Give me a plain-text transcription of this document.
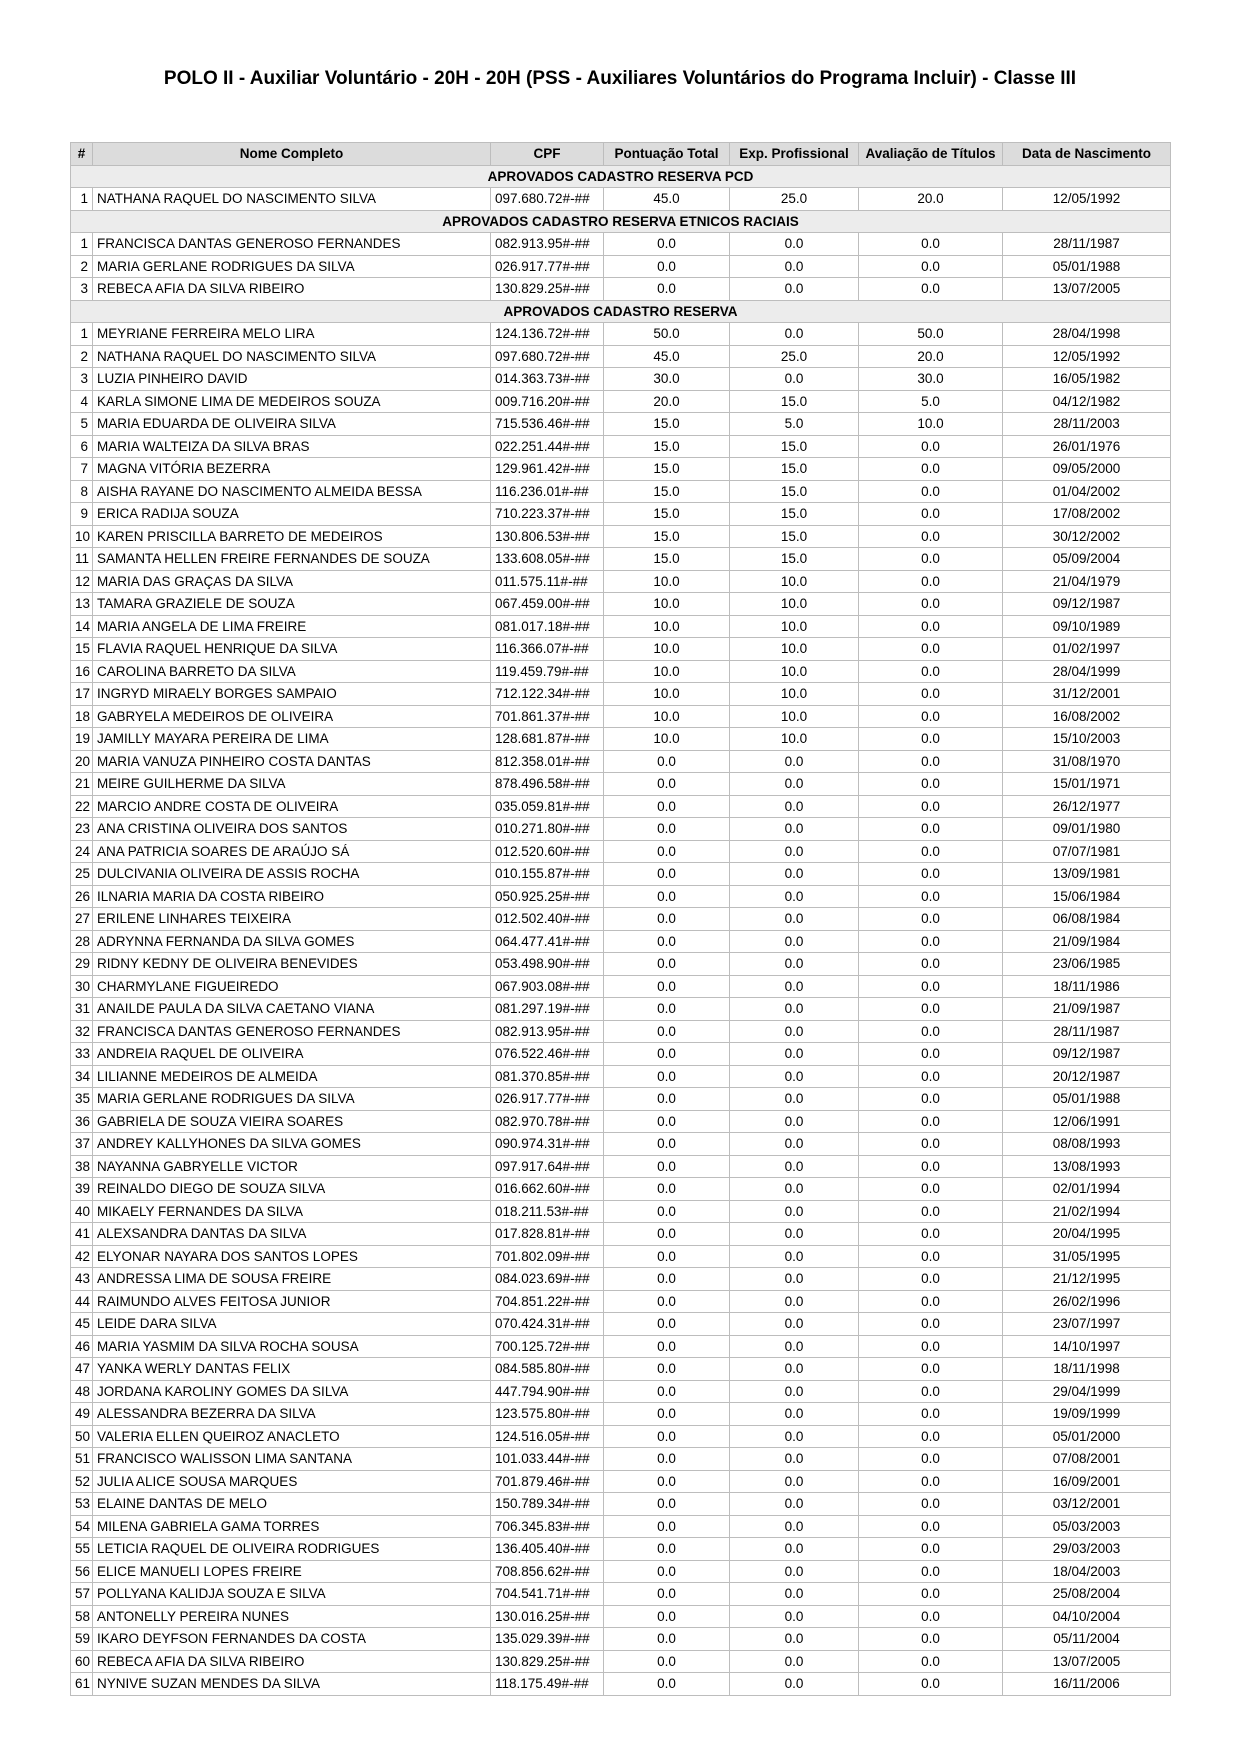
POLO II - Auxiliar Voluntário - 20H - 20H (PSS - Auxiliares Voluntários do Programa Incluir) - Classe III
#	Nome Completo	CPF	Pontuação Total	Exp. Profissional	Avaliação de Títulos	Data de Nascimento
APROVADOS CADASTRO RESERVA PCD						
1	NATHANA RAQUEL DO NASCIMENTO SILVA	097.680.72#-##	45.0	25.0	20.0	12/05/1992
APROVADOS CADASTRO RESERVA ETNICOS RACIAIS						
1	FRANCISCA DANTAS GENEROSO FERNANDES	082.913.95#-##	0.0	0.0	0.0	28/11/1987
2	MARIA GERLANE RODRIGUES DA SILVA	026.917.77#-##	0.0	0.0	0.0	05/01/1988
3	REBECA AFIA DA SILVA RIBEIRO	130.829.25#-##	0.0	0.0	0.0	13/07/2005
APROVADOS CADASTRO RESERVA						
1	MEYRIANE FERREIRA MELO LIRA	124.136.72#-##	50.0	0.0	50.0	28/04/1998
2	NATHANA RAQUEL DO NASCIMENTO SILVA	097.680.72#-##	45.0	25.0	20.0	12/05/1992
3	LUZIA PINHEIRO DAVID	014.363.73#-##	30.0	0.0	30.0	16/05/1982
4	KARLA SIMONE LIMA DE MEDEIROS SOUZA	009.716.20#-##	20.0	15.0	5.0	04/12/1982
5	MARIA EDUARDA DE OLIVEIRA SILVA	715.536.46#-##	15.0	5.0	10.0	28/11/2003
6	MARIA WALTEIZA DA SILVA BRAS	022.251.44#-##	15.0	15.0	0.0	26/01/1976
7	MAGNA VITÓRIA BEZERRA	129.961.42#-##	15.0	15.0	0.0	09/05/2000
8	AISHA RAYANE DO NASCIMENTO ALMEIDA BESSA	116.236.01#-##	15.0	15.0	0.0	01/04/2002
9	ERICA RADIJA SOUZA	710.223.37#-##	15.0	15.0	0.0	17/08/2002
10	KAREN PRISCILLA BARRETO DE MEDEIROS	130.806.53#-##	15.0	15.0	0.0	30/12/2002
11	SAMANTA HELLEN FREIRE FERNANDES DE SOUZA	133.608.05#-##	15.0	15.0	0.0	05/09/2004
12	MARIA DAS GRAÇAS DA SILVA	011.575.11#-##	10.0	10.0	0.0	21/04/1979
13	TAMARA GRAZIELE DE SOUZA	067.459.00#-##	10.0	10.0	0.0	09/12/1987
14	MARIA ANGELA DE LIMA FREIRE	081.017.18#-##	10.0	10.0	0.0	09/10/1989
15	FLAVIA RAQUEL HENRIQUE DA SILVA	116.366.07#-##	10.0	10.0	0.0	01/02/1997
16	CAROLINA BARRETO DA SILVA	119.459.79#-##	10.0	10.0	0.0	28/04/1999
17	INGRYD MIRAELY BORGES SAMPAIO	712.122.34#-##	10.0	10.0	0.0	31/12/2001
18	GABRYELA MEDEIROS DE OLIVEIRA	701.861.37#-##	10.0	10.0	0.0	16/08/2002
19	JAMILLY MAYARA PEREIRA DE LIMA	128.681.87#-##	10.0	10.0	0.0	15/10/2003
20	MARIA VANUZA PINHEIRO COSTA DANTAS	812.358.01#-##	0.0	0.0	0.0	31/08/1970
21	MEIRE GUILHERME DA SILVA	878.496.58#-##	0.0	0.0	0.0	15/01/1971
22	MARCIO ANDRE COSTA DE OLIVEIRA	035.059.81#-##	0.0	0.0	0.0	26/12/1977
23	ANA CRISTINA OLIVEIRA DOS SANTOS	010.271.80#-##	0.0	0.0	0.0	09/01/1980
24	ANA PATRICIA SOARES DE ARAÚJO SÁ	012.520.60#-##	0.0	0.0	0.0	07/07/1981
25	DULCIVANIA OLIVEIRA DE ASSIS ROCHA	010.155.87#-##	0.0	0.0	0.0	13/09/1981
26	ILNARIA MARIA DA COSTA RIBEIRO	050.925.25#-##	0.0	0.0	0.0	15/06/1984
27	ERILENE LINHARES TEIXEIRA	012.502.40#-##	0.0	0.0	0.0	06/08/1984
28	ADRYNNA FERNANDA DA SILVA GOMES	064.477.41#-##	0.0	0.0	0.0	21/09/1984
29	RIDNY KEDNY DE OLIVEIRA BENEVIDES	053.498.90#-##	0.0	0.0	0.0	23/06/1985
30	CHARMYLANE FIGUEIREDO	067.903.08#-##	0.0	0.0	0.0	18/11/1986
31	ANAILDE PAULA DA SILVA CAETANO VIANA	081.297.19#-##	0.0	0.0	0.0	21/09/1987
32	FRANCISCA DANTAS GENEROSO FERNANDES	082.913.95#-##	0.0	0.0	0.0	28/11/1987
33	ANDREIA RAQUEL DE OLIVEIRA	076.522.46#-##	0.0	0.0	0.0	09/12/1987
34	LILIANNE MEDEIROS DE ALMEIDA	081.370.85#-##	0.0	0.0	0.0	20/12/1987
35	MARIA GERLANE RODRIGUES DA SILVA	026.917.77#-##	0.0	0.0	0.0	05/01/1988
36	GABRIELA DE SOUZA VIEIRA SOARES	082.970.78#-##	0.0	0.0	0.0	12/06/1991
37	ANDREY KALLYHONES DA SILVA GOMES	090.974.31#-##	0.0	0.0	0.0	08/08/1993
38	NAYANNA GABRYELLE VICTOR	097.917.64#-##	0.0	0.0	0.0	13/08/1993
39	REINALDO DIEGO DE SOUZA SILVA	016.662.60#-##	0.0	0.0	0.0	02/01/1994
40	MIKAELY FERNANDES DA SILVA	018.211.53#-##	0.0	0.0	0.0	21/02/1994
41	ALEXSANDRA DANTAS DA SILVA	017.828.81#-##	0.0	0.0	0.0	20/04/1995
42	ELYONAR NAYARA DOS SANTOS LOPES	701.802.09#-##	0.0	0.0	0.0	31/05/1995
43	ANDRESSA LIMA DE SOUSA FREIRE	084.023.69#-##	0.0	0.0	0.0	21/12/1995
44	RAIMUNDO ALVES FEITOSA JUNIOR	704.851.22#-##	0.0	0.0	0.0	26/02/1996
45	LEIDE DARA SILVA	070.424.31#-##	0.0	0.0	0.0	23/07/1997
46	MARIA YASMIM DA SILVA ROCHA SOUSA	700.125.72#-##	0.0	0.0	0.0	14/10/1997
47	YANKA WERLY DANTAS FELIX	084.585.80#-##	0.0	0.0	0.0	18/11/1998
48	JORDANA KAROLINY GOMES DA SILVA	447.794.90#-##	0.0	0.0	0.0	29/04/1999
49	ALESSANDRA BEZERRA DA SILVA	123.575.80#-##	0.0	0.0	0.0	19/09/1999
50	VALERIA ELLEN QUEIROZ ANACLETO	124.516.05#-##	0.0	0.0	0.0	05/01/2000
51	FRANCISCO WALISSON LIMA SANTANA	101.033.44#-##	0.0	0.0	0.0	07/08/2001
52	JULIA ALICE SOUSA MARQUES	701.879.46#-##	0.0	0.0	0.0	16/09/2001
53	ELAINE DANTAS DE MELO	150.789.34#-##	0.0	0.0	0.0	03/12/2001
54	MILENA GABRIELA GAMA TORRES	706.345.83#-##	0.0	0.0	0.0	05/03/2003
55	LETICIA RAQUEL DE OLIVEIRA RODRIGUES	136.405.40#-##	0.0	0.0	0.0	29/03/2003
56	ELICE MANUELI LOPES FREIRE	708.856.62#-##	0.0	0.0	0.0	18/04/2003
57	POLLYANA KALIDJA SOUZA E SILVA	704.541.71#-##	0.0	0.0	0.0	25/08/2004
58	ANTONELLY PEREIRA NUNES	130.016.25#-##	0.0	0.0	0.0	04/10/2004
59	IKARO DEYFSON FERNANDES DA COSTA	135.029.39#-##	0.0	0.0	0.0	05/11/2004
60	REBECA AFIA DA SILVA RIBEIRO	130.829.25#-##	0.0	0.0	0.0	13/07/2005
61	NYNIVE SUZAN MENDES DA SILVA	118.175.49#-##	0.0	0.0	0.0	16/11/2006
